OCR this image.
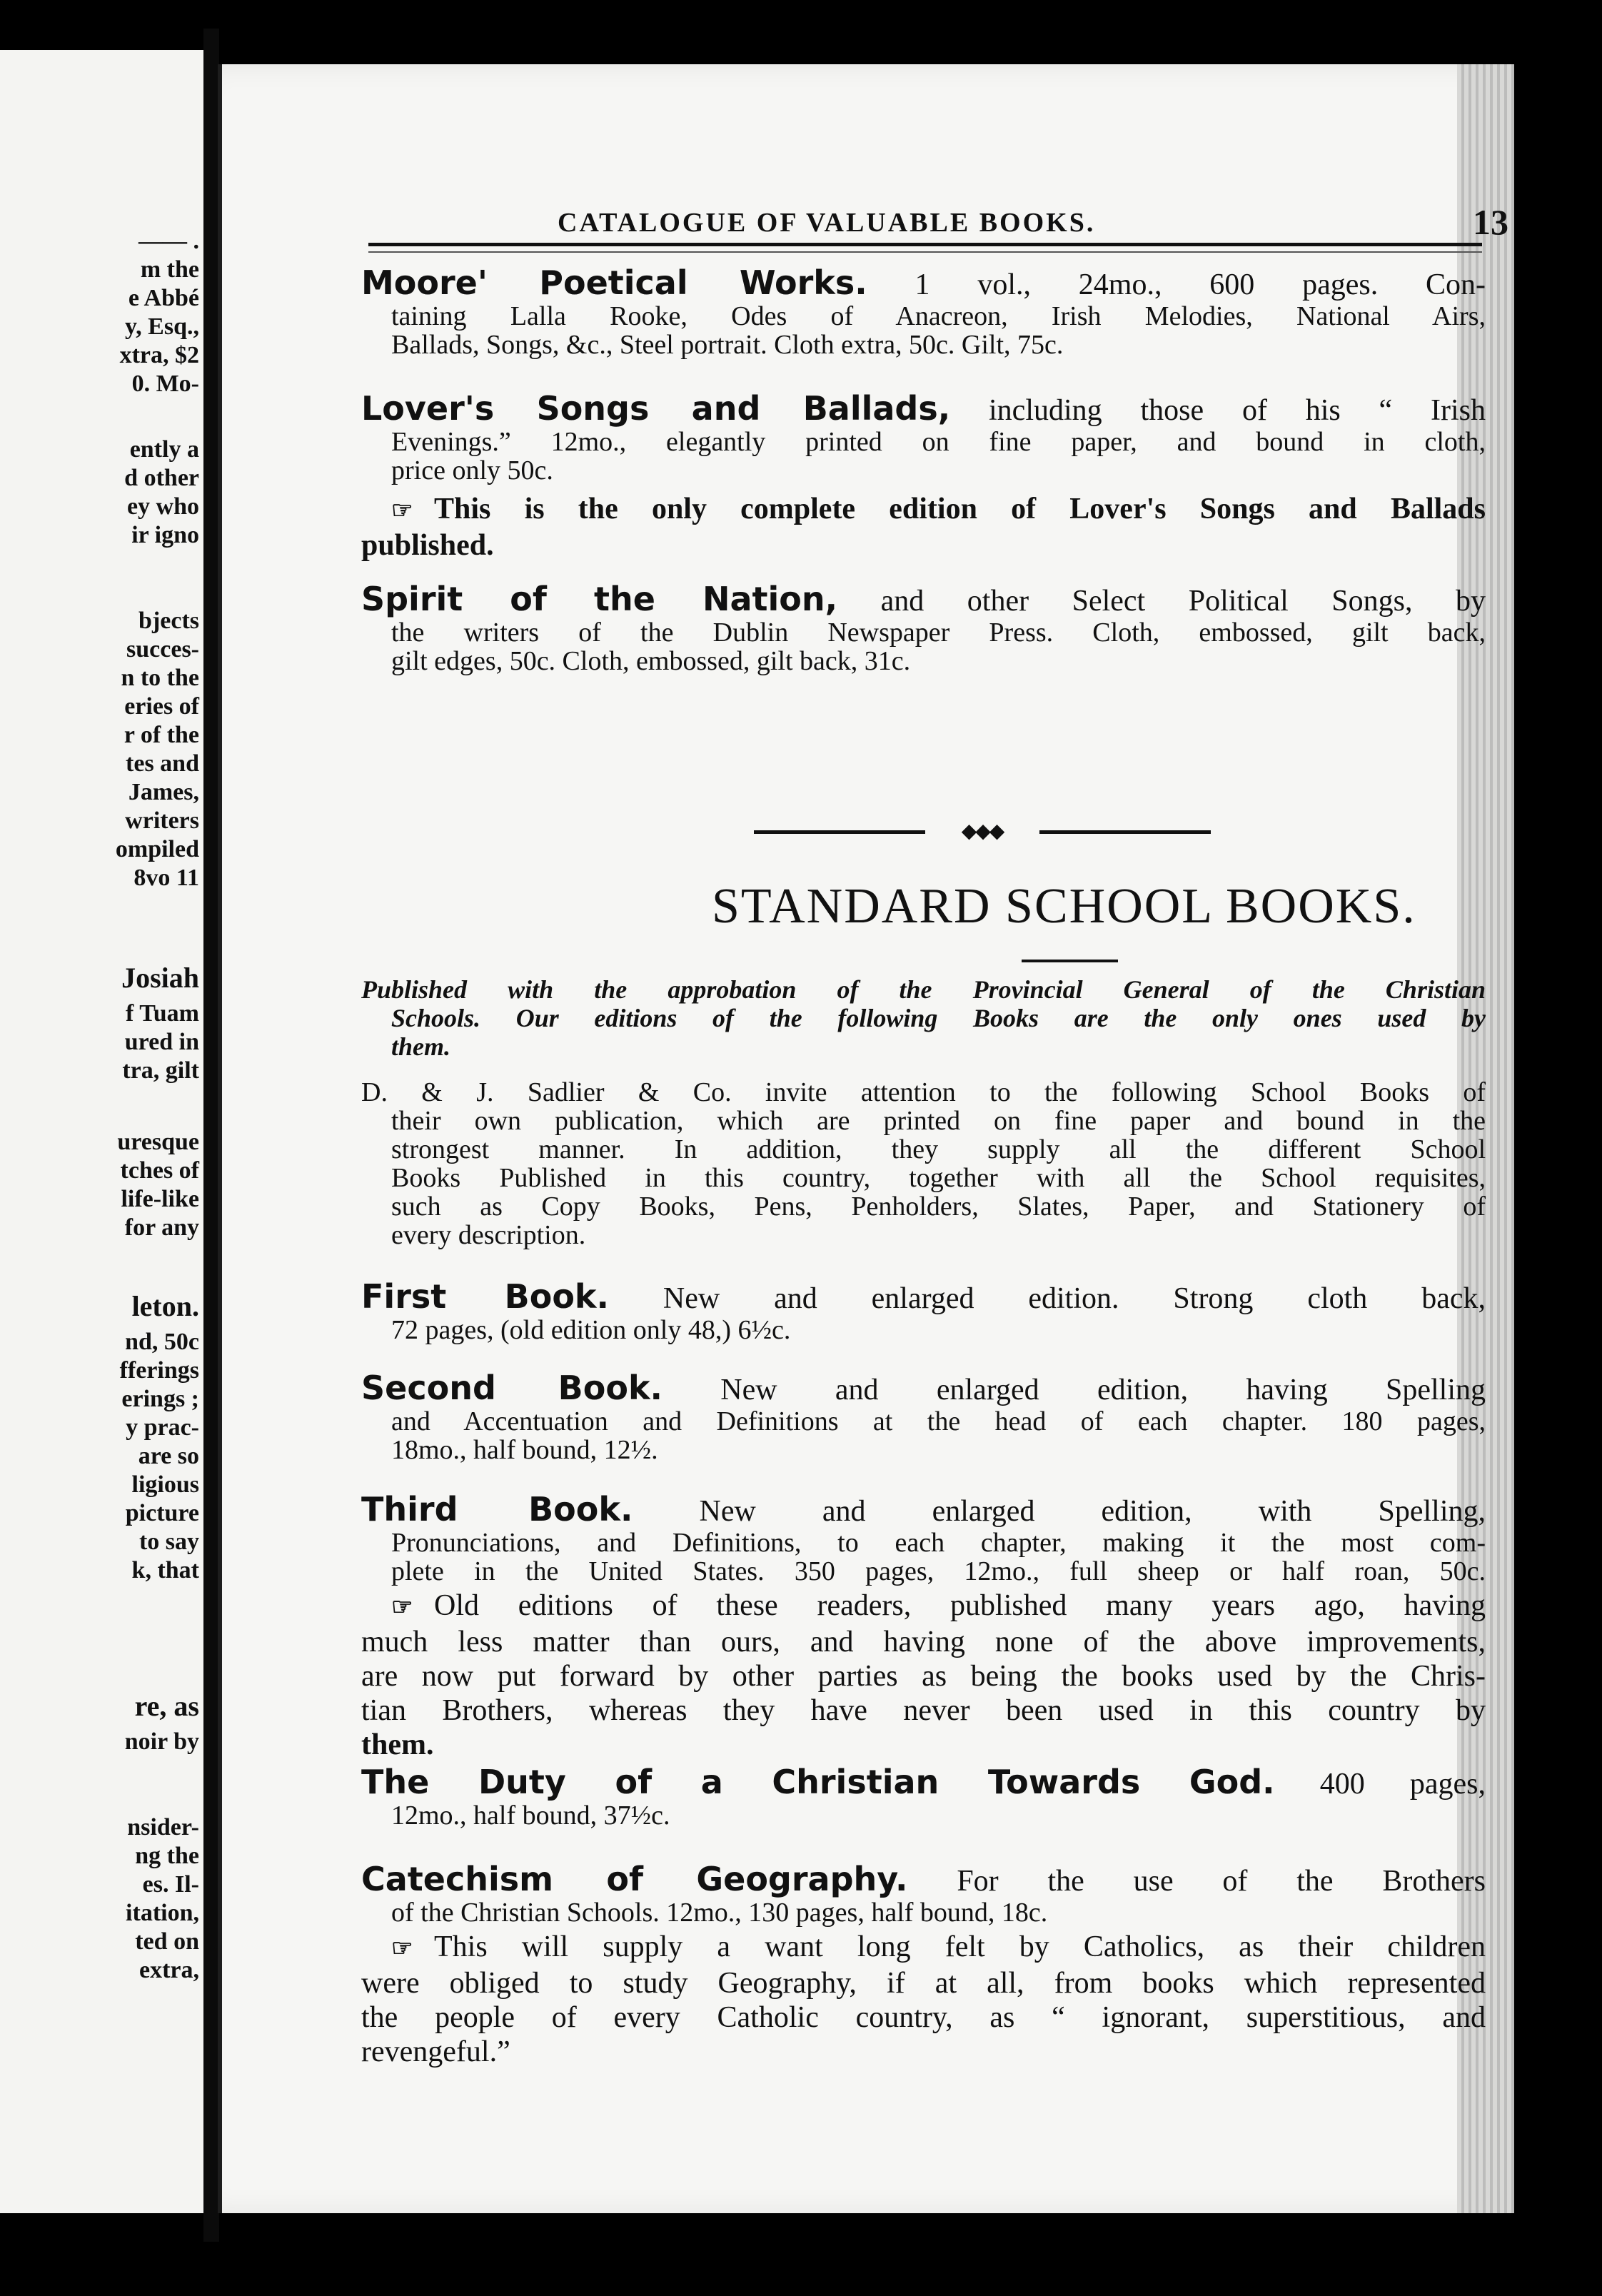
—— .
m the
e Abbé
y, Esq.,
xtra, $2
0. Mo-
ently a
d other
ey who
ir igno
bjects
succes-
n to the
eries of
r of the
tes and
James,
writers
ompiled
8vo 11
Josiah
f Tuam
ured in
tra, gilt
uresque
tches of
life-like
for any
leton.
nd, 50c
fferings
erings ;
y prac-
are so
ligious
picture
to say
k, that
re, as
noir by
nsider-
ng the
es. Il-
itation,
ted on
extra,
CATALOGUE OF VALUABLE BOOKS.	13
Moore' Poetical Works. 1 vol., 24mo., 600 pages. Con-
taining Lalla Rooke, Odes of Anacreon, Irish Melodies, National Airs,
Ballads, Songs, &c., Steel portrait. Cloth extra, 50c. Gilt, 75c.
Lover's Songs and Ballads, including those of his “ Irish
Evenings.” 12mo., elegantly printed on fine paper, and bound in cloth,
price only 50c.
☞ This is the only complete edition of Lover's Songs and Ballads
published.
Spirit of the Nation, and other Select Political Songs, by
the writers of the Dublin Newspaper Press. Cloth, embossed, gilt back,
gilt edges, 50c. Cloth, embossed, gilt back, 31c.
◆◆◆
STANDARD SCHOOL BOOKS.
Published with the approbation of the Provincial General of the Christian
Schools. Our editions of the following Books are the only ones used by
them.
D. & J. Sadlier & Co. invite attention to the following School Books of
their own publication, which are printed on fine paper and bound in the
strongest manner. In addition, they supply all the different School
Books Published in this country, together with all the School requisites,
such as Copy Books, Pens, Penholders, Slates, Paper, and Stationery of
every description.
First Book. New and enlarged edition. Strong cloth back,
72 pages, (old edition only 48,) 6½c.
Second Book. New and enlarged edition, having Spelling
and Accentuation and Definitions at the head of each chapter. 180 pages,
18mo., half bound, 12½.
Third Book. New and enlarged edition, with Spelling,
Pronunciations, and Definitions, to each chapter, making it the most com-
plete in the United States. 350 pages, 12mo., full sheep or half roan, 50c.
☞ Old editions of these readers, published many years ago, having
much less matter than ours, and having none of the above improvements,
are now put forward by other parties as being the books used by the Chris-
tian Brothers, whereas they have never been used in this country by
them.
The Duty of a Christian Towards God. 400 pages,
12mo., half bound, 37½c.
Catechism of Geography. For the use of the Brothers
of the Christian Schools. 12mo., 130 pages, half bound, 18c.
☞ This will supply a want long felt by Catholics, as their children
were obliged to study Geography, if at all, from books which represented
the people of every Catholic country, as “ ignorant, superstitious, and
revengeful.”
